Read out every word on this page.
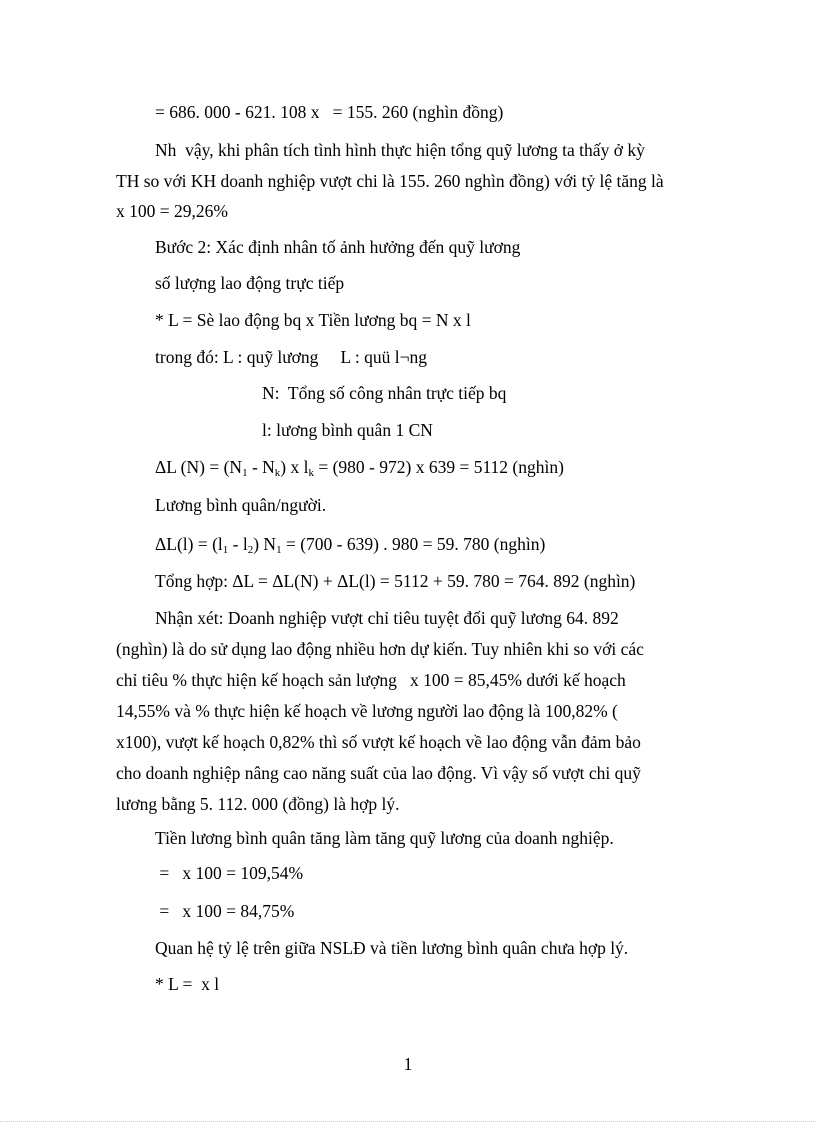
= 686. 000 - 621. 108 x   = 155. 260 (nghìn đồng)
Nh  vậy, khi phân tích tình hình thực hiện tổng quỹ lương ta thấy ở kỳ
TH so với KH doanh nghiệp vượt chi là 155. 260 nghìn đồng) với tỷ lệ tăng là
x 100 = 29,26%
Bước 2: Xác định nhân tố ảnh hưởng đến quỹ lương
số lượng lao động trực tiếp
* L = Sè lao động bq x Tiền lương bq = N x l
trong đó: L : quỹ lương L : quü l¬ng
N:  Tổng số công nhân trực tiếp bq
l: lương bình quân 1 CN
ΔL $(N) = (N_1 - N_k)$ x $l_k = (980 - 972)$ x 639 = 5112 (nghìn)
Lương bình quân/người.
$\Delta L(l) = (l_1 - l_2) N_1 = (700 - 639)$ . 980 = 59. 780 (nghìn)
Tổng hợp: ΔL = ΔL(N) + ΔL(l) = 5112 + 59. 780 = 764. 892 (nghìn)
Nhận xét: Doanh nghiệp vượt chỉ tiêu tuyệt đối quỹ lương 64. 892
(nghìn) là do sử dụng lao động nhiều hơn dự kiến. Tuy nhiên khi so với các
chỉ tiêu % thực hiện kế hoạch sản lượng   x 100 = 85,45% dưới kế hoạch
14,55% và % thực hiện kế hoạch về lương người lao động là 100,82% (
x100), vượt kế hoạch 0,82% thì số vượt kế hoạch về lao động vẫn đảm bảo
cho doanh nghiệp nâng cao năng suất của lao động. Vì vậy số vượt chi quỹ
lương bằng 5. 112. 000 (đồng) là hợp lý.
Tiền lương bình quân tăng làm tăng quỹ lương của doanh nghiệp.
=   x 100 = 109,54%
=   x 100 = 84,75%
Quan hệ tỷ lệ trên giữa NSLĐ và tiền lương bình quân chưa hợp lý.
* L =  x l
1
